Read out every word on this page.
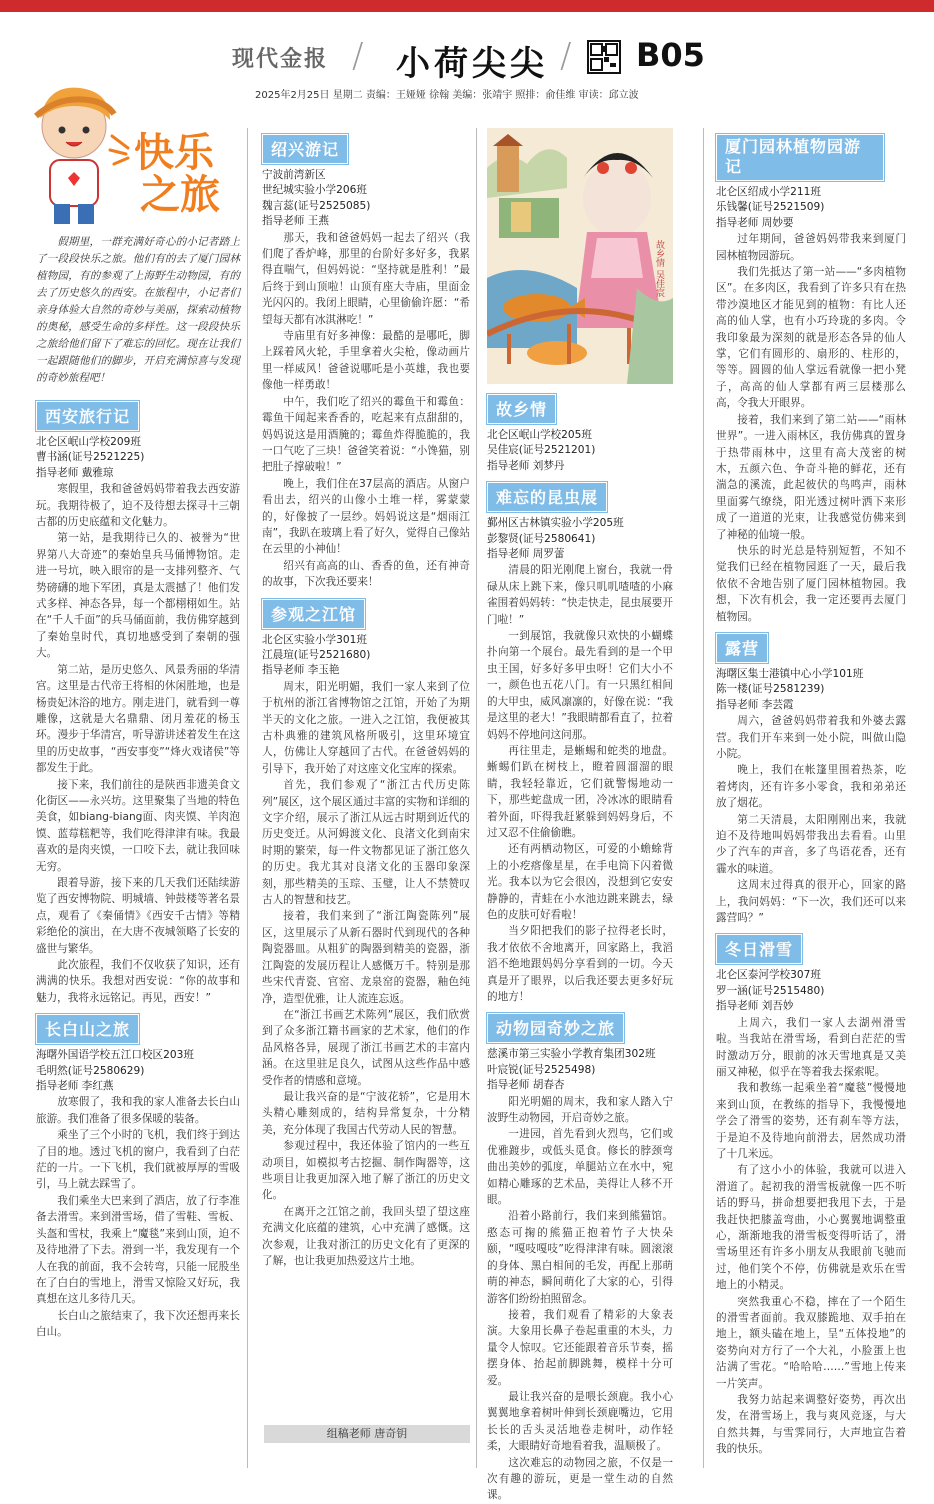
现代金报 / 小荷尖尖 / B05
2025年2月25日 星期二 责编：王娅娅 徐翰 美编：张靖宇 照排：俞佳维 审读：邱立波
快乐
之旅

假期里，一群充满好奇心的小记者踏上了一段段快乐之旅。他们有的去了厦门园林植物园，有的参观了上海野生动物园，有的去了历史悠久的西安。在旅程中，小记者们亲身体验大自然的奇妙与美丽，探索动植物的奥秘，感受生命的多样性。这一段段快乐之旅给他们留下了难忘的回忆。现在让我们一起跟随他们的脚步，开启充满惊喜与发现的奇妙旅程吧！

西安旅行记
北仑区岷山学校209班
曹书涵(证号2521225)
指导老师 戴雅琼

寒假里，我和爸爸妈妈带着我去西安游玩。我期待极了，迫不及待想去探寻十三朝古都的历史底蕴和文化魅力。

第一站，是我期待已久的、被誉为“世界第八大奇迹”的秦始皇兵马俑博物馆。走进一号坑，映入眼帘的是一支排列整齐、气势磅礴的地下军团，真是太震撼了！他们发式多样、神态各异，每一个都栩栩如生。站在“千人千面”的兵马俑面前，我仿佛穿越到了秦始皇时代，真切地感受到了秦朝的强大。

第二站，是历史悠久、风景秀丽的华清宫。这里是古代帝王将相的休闲胜地，也是杨贵妃沐浴的地方。刚走进门，就看到一尊雕像，这就是大名鼎鼎、闭月羞花的杨玉环。漫步于华清宫，听导游讲述着发生在这里的历史故事，“西安事变”“烽火戏诸侯”等都发生于此。

接下来，我们前往的是陕西非遗美食文化街区——永兴坊。这里聚集了当地的特色美食，如biang-biang面、肉夹馍、羊肉泡馍、蓝莓糕粑等，我们吃得津津有味。我最喜欢的是肉夹馍，一口咬下去，就让我回味无穷。

跟着导游，接下来的几天我们还陆续游览了西安博物院、明城墙、钟鼓楼等著名景点，观看了《秦俑情》《西安千古情》等精彩绝伦的演出，在大唐不夜城领略了长安的盛世与繁华。

此次旅程，我们不仅收获了知识，还有满满的快乐。我想对西安说：“你的故事和魅力，我将永远铭记。再见，西安！”

长白山之旅
海曙外国语学校五江口校区203班
毛明然(证号2580629)
指导老师 李红燕

放寒假了，我和我的家人准备去长白山旅游。我们准备了很多保暖的装备。

乘坐了三个小时的飞机，我们终于到达了目的地。透过飞机的窗户，我看到了白茫茫的一片。一下飞机，我们就被厚厚的雪吸引，马上就去踩雪了。

我们乘坐大巴来到了酒店，放了行李准备去滑雪。来到滑雪场，借了雪鞋、雪板、头盔和雪杖，我乘上“魔毯”来到山顶，迫不及待地滑了下去。滑到一半，我发现有一个人在我的前面，我不会转弯，只能一屁股坐在了白白的雪地上，滑雪又惊险又好玩，我真想在这儿多待几天。

长白山之旅结束了，我下次还想再来长白山。

绍兴游记
宁波前湾新区
世纪城实验小学206班
魏言蕊(证号2525085)
指导老师 王燕

那天，我和爸爸妈妈一起去了绍兴（我们爬了香炉峰，那里的台阶好多好多，我累得直喘气，但妈妈说：“坚持就是胜利！”最后终于到山顶啦！山顶有座大寺庙，里面金光闪闪的。我闭上眼睛，心里偷偷许愿：“希望每天都有冰淇淋吃！”

寺庙里有好多神像：最酷的是哪吒，脚上踩着风火轮，手里拿着火尖枪，像动画片里一样威风！爸爸说哪吒是小英雄，我也要像他一样勇敢！

中午，我们吃了绍兴的霉鱼干和霉鱼：霉鱼干闻起来香香的，吃起来有点甜甜的，妈妈说这是用酒腌的；霉鱼炸得脆脆的，我一口气吃了三块！爸爸笑着说：“小馋猫，别把肚子撑破啦！”

晚上，我们住在37层高的酒店。从窗户看出去，绍兴的山像小土堆一样，雾蒙蒙的，好像披了一层纱。妈妈说这是“烟雨江南”，我趴在玻璃上看了好久，觉得自己像站在云里的小神仙！

绍兴有高高的山、香香的鱼，还有神奇的故事，下次我还要来！

参观之江馆
北仑区实验小学301班
江晨瑄(证号2521680)
指导老师 李玉艳

周末，阳光明媚，我们一家人来到了位于杭州的浙江省博物馆之江馆，开始了为期半天的文化之旅。一进入之江馆，我便被其古朴典雅的建筑风格所吸引，这里环境宜人，仿佛让人穿越回了古代。在爸爸妈妈的引导下，我开始了对这座文化宝库的探索。

首先，我们参观了“浙江古代历史陈列”展区，这个展区通过丰富的实物和详细的文字介绍，展示了浙江从远古时期到近代的历史变迁。从河姆渡文化、良渚文化到南宋时期的繁荣，每一件文物都见证了浙江悠久的历史。我尤其对良渚文化的玉器印象深刻，那些精美的玉琮、玉璧，让人不禁赞叹古人的智慧和技艺。

接着，我们来到了“浙江陶瓷陈列”展区，这里展示了从新石器时代到现代的各种陶瓷器皿。从粗犷的陶器到精美的瓷器，浙江陶瓷的发展历程让人感慨万千。特别是那些宋代青瓷、官窑、龙泉窑的瓷器，釉色纯净，造型优雅，让人流连忘返。

在“浙江书画艺术陈列”展区，我们欣赏到了众多浙江籍书画家的艺术家，他们的作品风格各异，展现了浙江书画艺术的丰富内涵。在这里驻足良久，试图从这些作品中感受作者的情感和意境。

最让我兴奋的是“宁波花轿”，它是用木头精心雕刻成的，结构异常复杂，十分精美，充分体现了我国古代劳动人民的智慧。

参观过程中，我还体验了馆内的一些互动项目，如模拟考古挖掘、制作陶器等，这些项目让我更加深入地了解了浙江的历史文化。

在离开之江馆之前，我回头望了望这座充满文化底蕴的建筑，心中充满了感慨。这次参观，让我对浙江的历史文化有了更深的了解，也让我更加热爱这片土地。

组稿老师 唐奇钥
故乡情 吴佳宸
故乡情
北仑区岷山学校205班
吴佳宸(证号2521201)
指导老师 刘梦丹
难忘的昆虫展
鄞州区古林镇实验小学205班
彭黎贤(证号2580641)
指导老师 周罗蕾

清晨的阳光刚爬上窗台，我就一骨碌从床上跳下来，像只叽叽喳喳的小麻雀围着妈妈转：“快走快走，昆虫展要开门啦！”

一到展馆，我就像只欢快的小蝴蝶扑向第一个展台。最先看到的是一个甲虫王国，好多好多甲虫呀！它们大小不一，颜色也五花八门。有一只黑红相间的大甲虫，威风凛凛的，好像在说：“我是这里的老大！”我眼睛都看直了，拉着妈妈不停地问这问那。

再往里走，是蜥蜴和蛇类的地盘。蜥蜴们趴在树枝上，瞪着圆溜溜的眼睛，我轻轻靠近，它们就警惕地动一下，那些蛇盘成一团，冷冰冰的眼睛看着外面，吓得我赶紧躲到妈妈身后，不过又忍不住偷偷瞧。

还有两栖动物区，可爱的小蟾蜍背上的小疙瘩像星星，在手电筒下闪着微光。我本以为它会很凶，没想到它安安静静的，青蛙在小水池边跳来跳去，绿色的皮肤可好看啦！

当夕阳把我们的影子拉得老长时，我才依依不舍地离开，回家路上，我滔滔不绝地跟妈妈分享看到的一切。今天真是开了眼界，以后我还要去更多好玩的地方！

动物园奇妙之旅
慈溪市第三实验小学教育集团302班
叶宸锐(证号2525498)
指导老师 胡春杏

阳光明媚的周末，我和家人踏入宁波野生动物园，开启奇妙之旅。

一进园，首先看到火烈鸟，它们或优雅踱步，或低头觅食。修长的脖颈弯曲出美妙的弧度，单腿站立在水中，宛如精心雕琢的艺术品，美得让人移不开眼。

沿着小路前行，我们来到熊猫馆。憨态可掬的熊猫正抱着竹子大快朵颐，“嘎吱嘎吱”吃得津津有味。圆滚滚的身体、黑白相间的毛发，再配上那萌萌的神态，瞬间萌化了大家的心，引得游客们纷纷拍照留念。

接着，我们观看了精彩的大象表演。大象用长鼻子卷起重重的木头，力量令人惊叹。它还能跟着音乐节奏，摇摆身体、抬起前脚跳舞，模样十分可爱。

最让我兴奋的是喂长颈鹿。我小心翼翼地拿着树叶伸到长颈鹿嘴边，它用长长的舌头灵活地卷走树叶，动作轻柔，大眼睛好奇地看着我，温顺极了。

这次难忘的动物园之旅，不仅是一次有趣的游玩，更是一堂生动的自然课。

厦门园林植物园游记
北仑区绍成小学211班
乐钱馨(证号2521509)
指导老师 周妙要

过年期间，爸爸妈妈带我来到厦门园林植物园游玩。

我们先抵达了第一站——“多肉植物区”。在多肉区，我看到了许多只有在热带沙漠地区才能见到的植物：有比人还高的仙人掌，也有小巧玲珑的多肉。令我印象最为深刻的就是形态各异的仙人掌，它们有圆形的、扇形的、柱形的，等等。圆圆的仙人掌远看就像一把小凳子，高高的仙人掌都有两三层楼那么高，令我大开眼界。

接着，我们来到了第二站——“雨林世界”。一进入雨林区，我仿佛真的置身于热带雨林中，这里有高大茂密的树木，五颜六色、争奇斗艳的鲜花，还有湍急的溪流，此起彼伏的鸟鸣声，雨林里面雾气缭绕，阳光透过树叶洒下来形成了一道道的光束，让我感觉仿佛来到了神秘的仙境一般。

快乐的时光总是特别短暂，不知不觉我们已经在植物园逛了一天，最后我依依不舍地告别了厦门园林植物园。我想，下次有机会，我一定还要再去厦门植物园。

露营
海曙区集士港镇中心小学101班
陈一楼(证号2581239)
指导老师 李芸霞

周六，爸爸妈妈带着我和外婆去露营。我们开车来到一处小院，叫做山隐小院。

晚上，我们在帐篷里围着热茶，吃着烤肉，还有许多小零食，我和弟弟还放了烟花。

第二天清晨，太阳刚刚出来，我就迫不及待地叫妈妈带我出去看看。山里少了汽车的声音，多了鸟语花香，还有霾水的味道。

这周末过得真的很开心，回家的路上，我问妈妈：“下一次，我们还可以来露营吗？”

冬日滑雪
北仑区泰河学校307班
罗一涵(证号2515480)
指导老师 刘吾妙

上周六，我们一家人去湖州滑雪啦。当我站在滑雪场，看到白茫茫的雪时激动万分，眼前的冰天雪地真是又美丽又神秘，似乎在等着我去探索呢。

我和教练一起乘坐着“魔毯”慢慢地来到山顶，在教练的指导下，我慢慢地学会了滑雪的姿势，还有刹车等方法，于是迫不及待地向前滑去，居然成功滑了十几米远。

有了这小小的体验，我就可以进入滑道了。起初我的滑雪板就像一匹不听话的野马，拼命想要把我甩下去，于是我赶快把膝盖弯曲，小心翼翼地调整重心，渐渐地我的滑雪板变得听话了，滑雪场里还有许多小朋友从我眼前飞驰而过，他们笑个不停，仿佛就是欢乐在雪地上的小精灵。

突然我重心不稳，摔在了一个陌生的滑雪者面前。我双膝跪地、双手拍在地上，额头磕在地上，呈“五体投地”的姿势向对方行了一个大礼，小脸蛋上也沾满了雪花。“哈哈哈……”雪地上传来一片笑声。

我努力站起来调整好姿势，再次出发，在滑雪场上，我与爽风竞逐，与大自然共舞，与雪霁同行，大声地宣告着我的快乐。
